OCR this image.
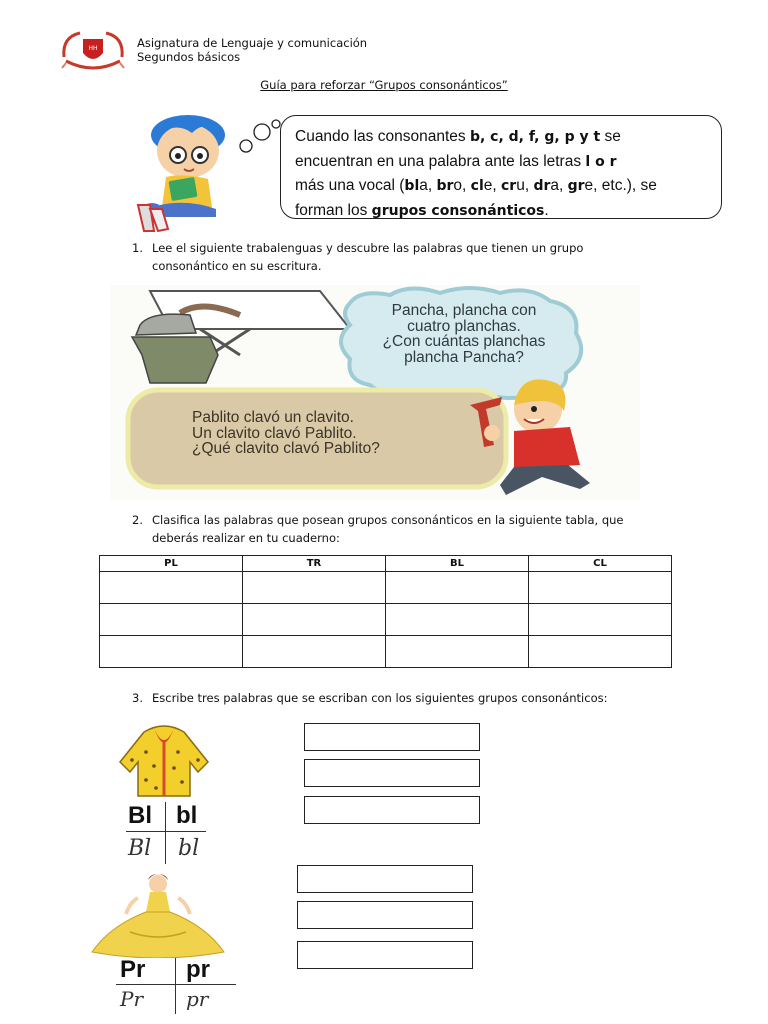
HH	Asignatura de Lenguaje y comunicación
Segundos básicos
Guía para reforzar “Grupos consonánticos”

Cuando las consonantes b, c, d, f, g, p y t se

encuentran en una palabra ante las letras l o r

más una vocal (bla, bro, cle, cru, dra, gre, etc.), se

forman los grupos consonánticos.

1. Lee el siguiente trabalenguas y descubre las palabras que tienen un grupo
consonántico en su escritura.
Pancha, plancha con
cuatro planchas.
¿Con cuántas planchas
plancha Pancha?
Pablito clavó un clavito.
Un clavito clavó Pablito.
¿Qué clavito clavó Pablito?
2. Clasifica las palabras que posean grupos consonánticos en la siguiente tabla, que
deberás realizar en tu cuaderno:
PL	TR	BL	CL

3. Escribe tres palabras que se escriban con los siguientes grupos consonánticos:
Bl bl
Bl bl
Pr pr
Pr pr
